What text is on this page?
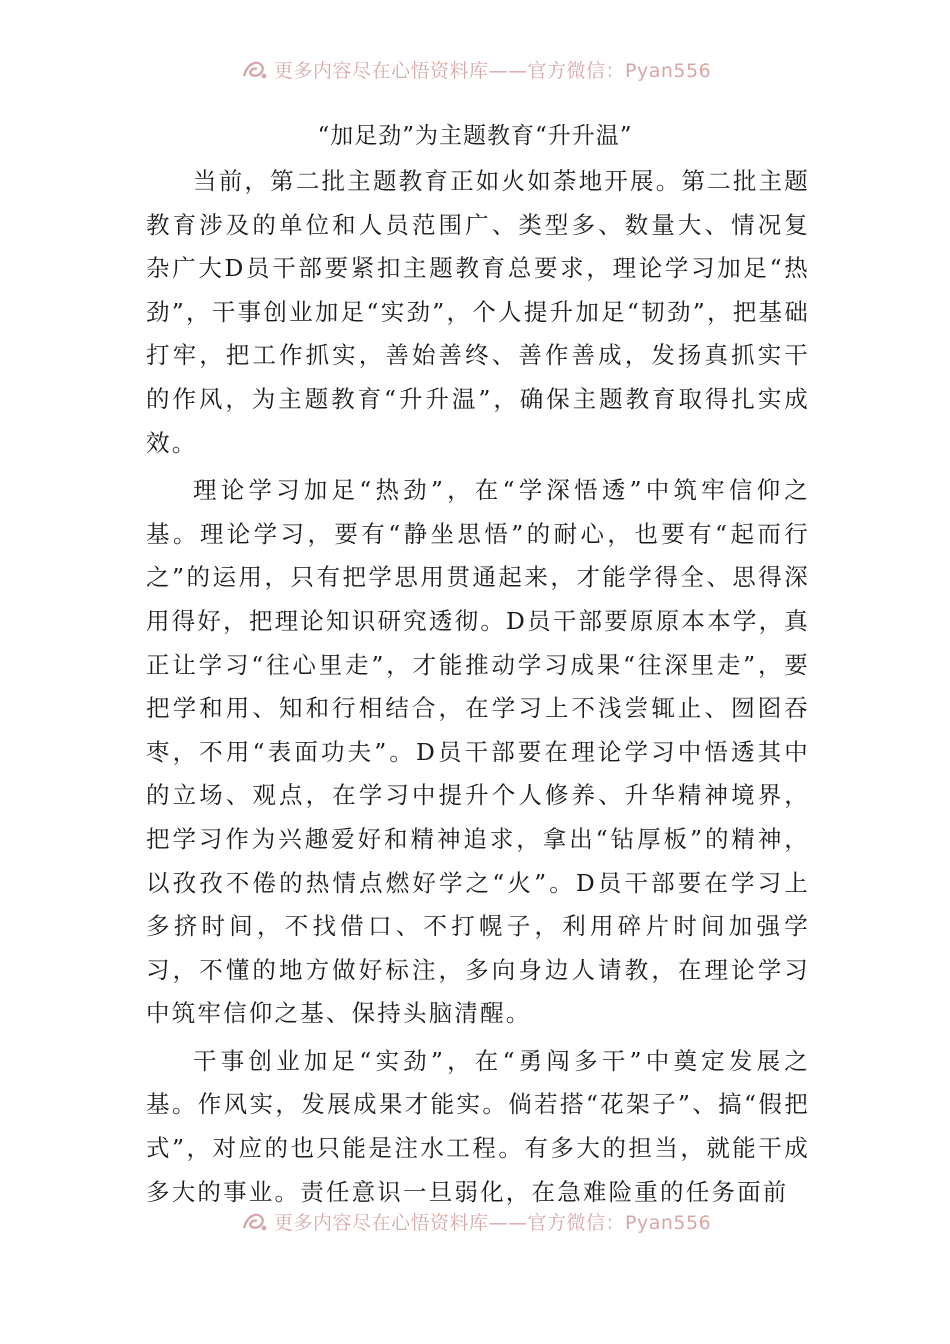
更多内容尽在心悟资料库——官方微信：Pyan556
“加足劲”为主题教育“升升温”

当前，第二批主题教育正如火如荼地开展。第二批主题教育涉及的单位和人员范围广、类型多、数量大、情况复杂广大D员干部要紧扣主题教育总要求，理论学习加足“热劲”，干事创业加足“实劲”，个人提升加足“韧劲”，把基础打牢，把工作抓实，善始善终、善作善成，发扬真抓实干的作风，为主题教育“升升温”，确保主题教育取得扎实成效。

理论学习加足“热劲”，在“学深悟透”中筑牢信仰之基。理论学习，要有“静坐思悟”的耐心，也要有“起而行之”的运用，只有把学思用贯通起来，才能学得全、思得深用得好，把理论知识研究透彻。D员干部要原原本本学，真正让学习“往心里走”，才能推动学习成果“往深里走”，要把学和用、知和行相结合，在学习上不浅尝辄止、囫囵吞枣，不用“表面功夫”。D员干部要在理论学习中悟透其中的立场、观点，在学习中提升个人修养、升华精神境界，把学习作为兴趣爱好和精神追求，拿出“钻厚板”的精神，以孜孜不倦的热情点燃好学之“火”。D员干部要在学习上多挤时间，不找借口、不打幌子，利用碎片时间加强学习，不懂的地方做好标注，多向身边人请教，在理论学习中筑牢信仰之基、保持头脑清醒。

干事创业加足“实劲”，在“勇闯多干”中奠定发展之基。作风实，发展成果才能实。倘若搭“花架子”、搞“假把式”，对应的也只能是注水工程。有多大的担当，就能干成多大的事业。责任意识一旦弱化，在急难险重的任务面前

更多内容尽在心悟资料库——官方微信：Pyan556
